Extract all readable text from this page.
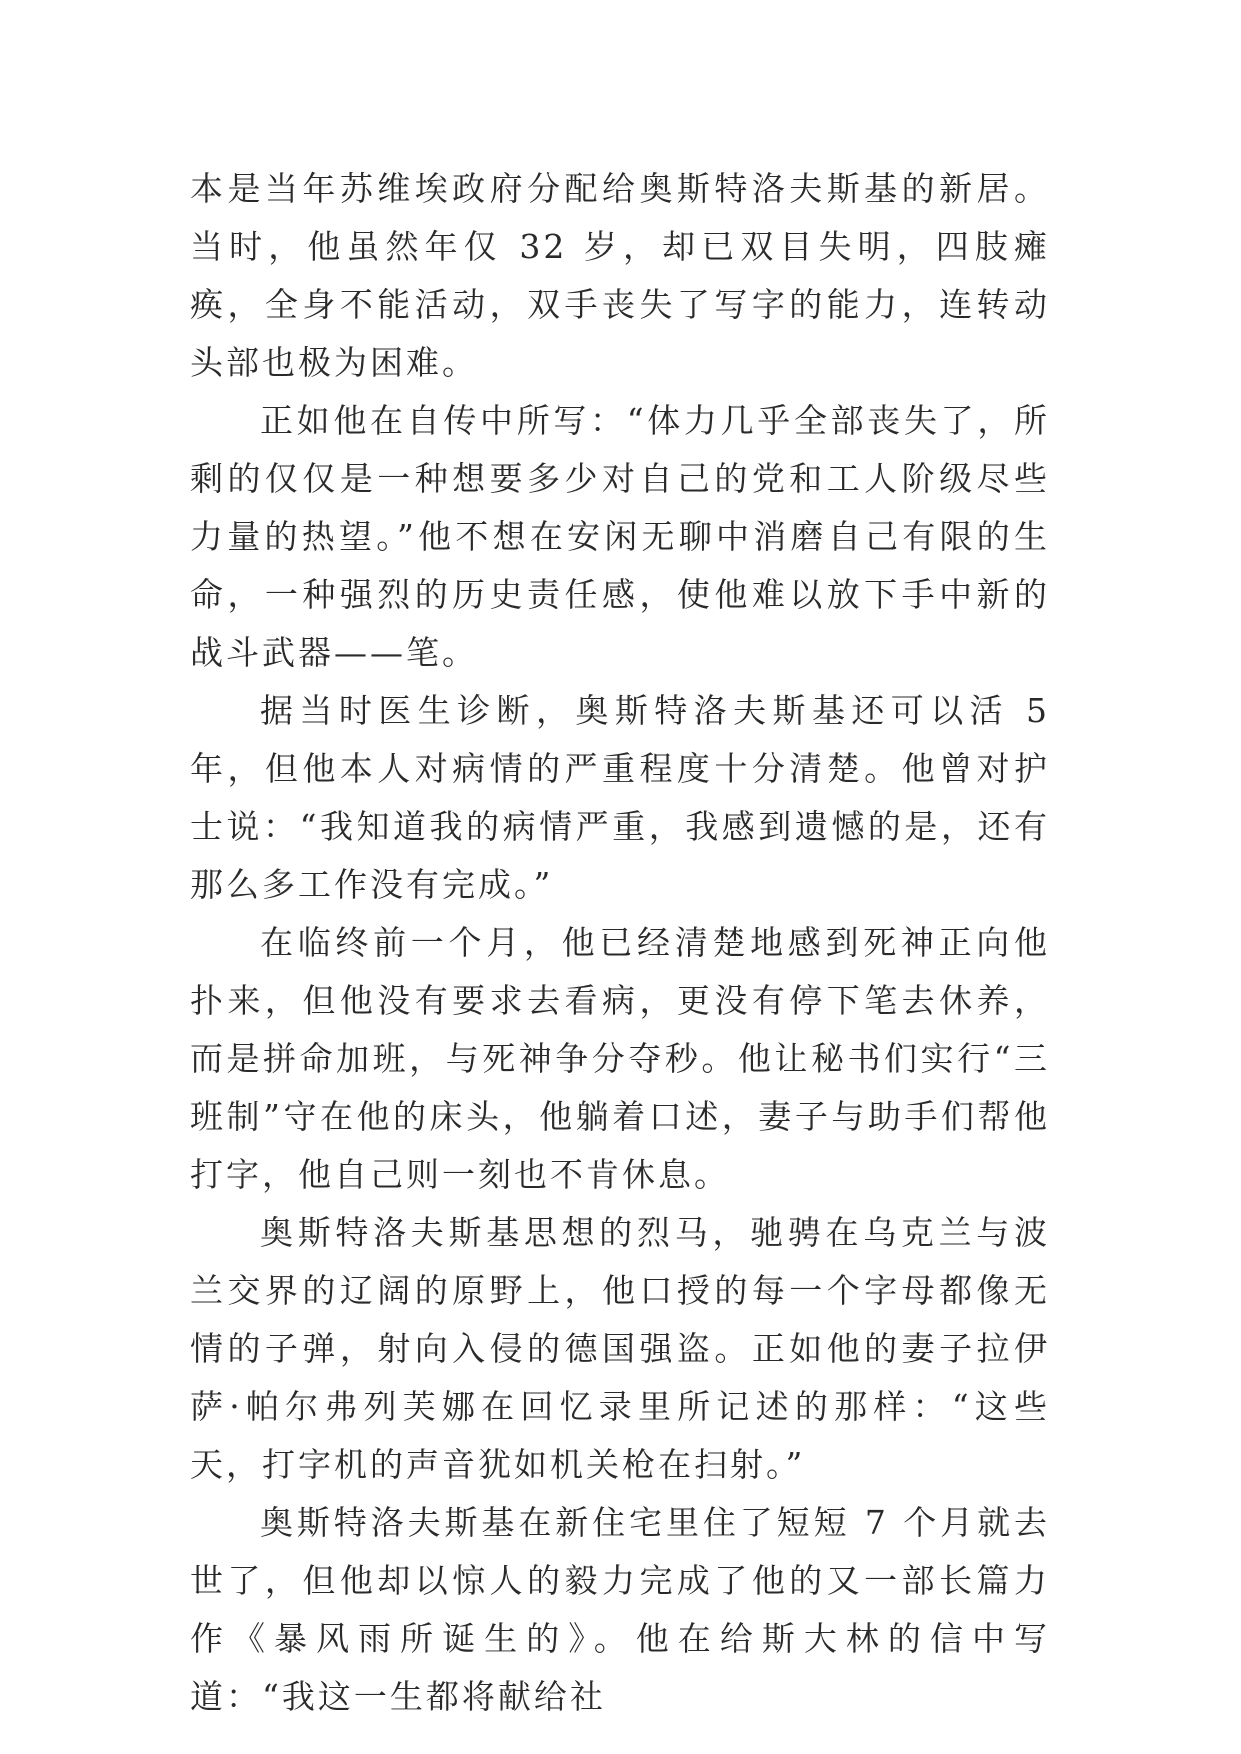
本是当年苏维埃政府分配给奥斯特洛夫斯基的新居。当时，他虽然年仅 32 岁，却已双目失明，四肢瘫痪，全身不能活动，双手丧失了写字的能力，连转动头部也极为困难。

正如他在自传中所写：“体力几乎全部丧失了，所剩的仅仅是一种想要多少对自己的党和工人阶级尽些力量的热望。”他不想在安闲无聊中消磨自己有限的生命，一种强烈的历史责任感，使他难以放下手中新的战斗武器——笔。

据当时医生诊断，奥斯特洛夫斯基还可以活 5 年，但他本人对病情的严重程度十分清楚。他曾对护士说：“我知道我的病情严重，我感到遗憾的是，还有那么多工作没有完成。”

在临终前一个月，他已经清楚地感到死神正向他扑来，但他没有要求去看病，更没有停下笔去休养，而是拼命加班，与死神争分夺秒。他让秘书们实行“三班制”守在他的床头，他躺着口述，妻子与助手们帮他打字，他自己则一刻也不肯休息。

奥斯特洛夫斯基思想的烈马，驰骋在乌克兰与波兰交界的辽阔的原野上，他口授的每一个字母都像无情的子弹，射向入侵的德国强盗。正如他的妻子拉伊萨·帕尔弗列芙娜在回忆录里所记述的那样：“这些天，打字机的声音犹如机关枪在扫射。”

奥斯特洛夫斯基在新住宅里住了短短 7 个月就去世了，但他却以惊人的毅力完成了他的又一部长篇力作《暴风雨所诞生的》。他在给斯大林的信中写道：“我这一生都将献给社
